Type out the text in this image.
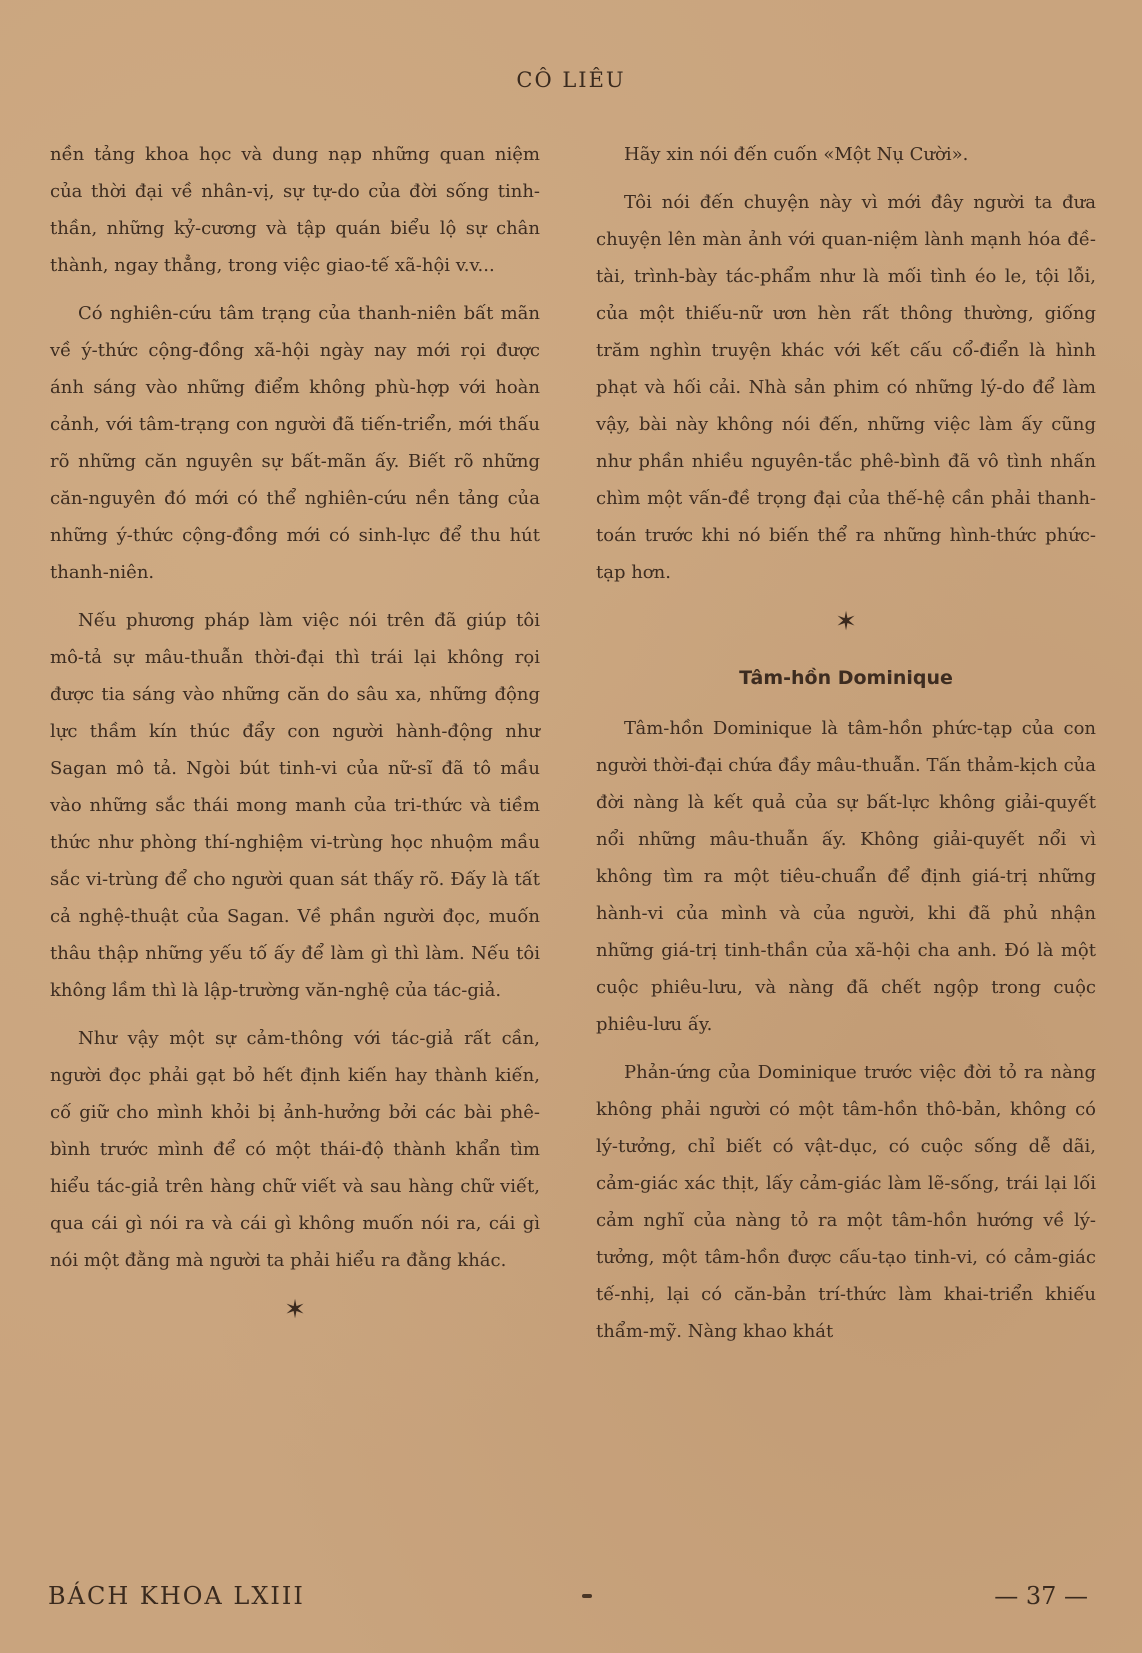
CÔ LIÊU

nền tảng khoa học và dung nạp những quan niệm của thời đại về nhân-vị, sự tự-do của đời sống tinh-thần, những kỷ-cương và tập quán biểu lộ sự chân thành, ngay thẳng, trong việc giao-tế xã-hội v.v...

Có nghiên-cứu tâm trạng của thanh-niên bất mãn về ý-thức cộng-đồng xã-hội ngày nay mới rọi được ánh sáng vào những điểm không phù-hợp với hoàn cảnh, với tâm-trạng con người đã tiến-triển, mới thấu rõ những căn nguyên sự bất-mãn ấy. Biết rõ những căn-nguyên đó mới có thể nghiên-cứu nền tảng của những ý-thức cộng-đồng mới có sinh-lực để thu hút thanh-niên.

Nếu phương pháp làm việc nói trên đã giúp tôi mô-tả sự mâu-thuẫn thời-đại thì trái lại không rọi được tia sáng vào những căn do sâu xa, những động lực thầm kín thúc đẩy con người hành-động như Sagan mô tả. Ngòi bút tinh-vi của nữ-sĩ đã tô mầu vào những sắc thái mong manh của tri-thức và tiềm thức như phòng thí-nghiệm vi-trùng học nhuộm mầu sắc vi-trùng để cho người quan sát thấy rõ. Đấy là tất cả nghệ-thuật của Sagan. Về phần người đọc, muốn thâu thập những yếu tố ấy để làm gì thì làm. Nếu tôi không lầm thì là lập-trường văn-nghệ của tác-giả.

Như vậy một sự cảm-thông với tác-giả rất cần, người đọc phải gạt bỏ hết định kiến hay thành kiến, cố giữ cho mình khỏi bị ảnh-hưởng bởi các bài phê-bình trước mình để có một thái-độ thành khẩn tìm hiểu tác-giả trên hàng chữ viết và sau hàng chữ viết, qua cái gì nói ra và cái gì không muốn nói ra, cái gì nói một đằng mà người ta phải hiểu ra đằng khác.

✶

Hãy xin nói đến cuốn «Một Nụ Cười».

Tôi nói đến chuyện này vì mới đây người ta đưa chuyện lên màn ảnh với quan-niệm lành mạnh hóa đề-tài, trình-bày tác-phẩm như là mối tình éo le, tội lỗi, của một thiếu-nữ ươn hèn rất thông thường, giống trăm nghìn truyện khác với kết cấu cổ-điển là hình phạt và hối cải. Nhà sản phim có những lý-do để làm vậy, bài này không nói đến, những việc làm ấy cũng như phần nhiều nguyên-tắc phê-bình đã vô tình nhấn chìm một vấn-đề trọng đại của thế-hệ cần phải thanh-toán trước khi nó biến thể ra những hình-thức phức-tạp hơn.

✶
Tâm-hồn Dominique

Tâm-hồn Dominique là tâm-hồn phức-tạp của con người thời-đại chứa đầy mâu-thuẫn. Tấn thảm-kịch của đời nàng là kết quả của sự bất-lực không giải-quyết nổi những mâu-thuẫn ấy. Không giải-quyết nổi vì không tìm ra một tiêu-chuẩn để định giá-trị những hành-vi của mình và của người, khi đã phủ nhận những giá-trị tinh-thần của xã-hội cha anh. Đó là một cuộc phiêu-lưu, và nàng đã chết ngộp trong cuộc phiêu-lưu ấy.

Phản-ứng của Dominique trước việc đời tỏ ra nàng không phải người có một tâm-hồn thô-bản, không có lý-tưởng, chỉ biết có vật-dục, có cuộc sống dễ dãi, cảm-giác xác thịt, lấy cảm-giác làm lẽ-sống, trái lại lối cảm nghĩ của nàng tỏ ra một tâm-hồn hướng về lý-tưởng, một tâm-hồn được cấu-tạo tinh-vi, có cảm-giác tế-nhị, lại có căn-bản trí-thức làm khai-triển khiếu thẩm-mỹ. Nàng khao khát

BÁCH KHOA LXIII	— 37 —
